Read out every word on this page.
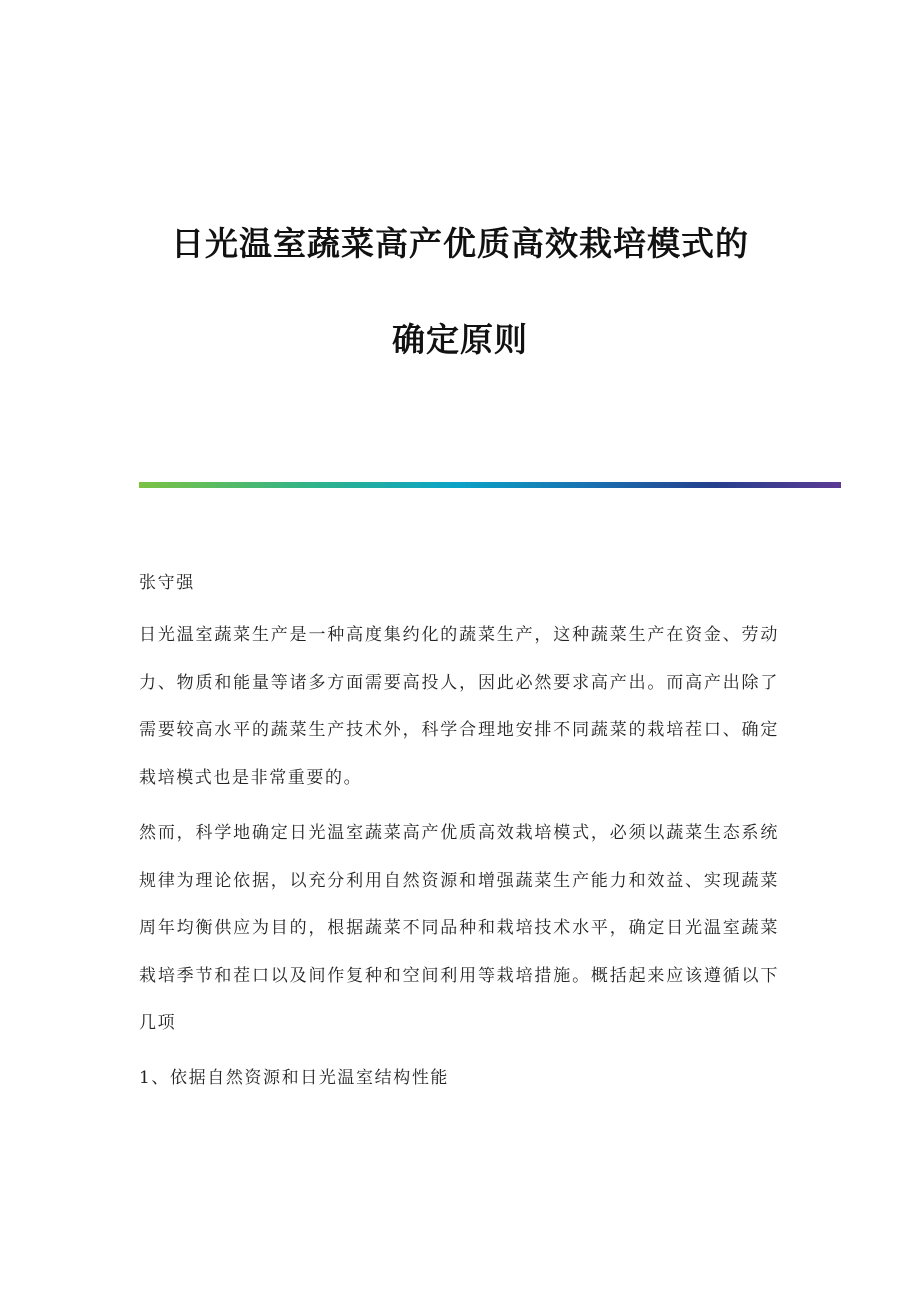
日光温室蔬菜高产优质高效栽培模式的
确定原则

张守强

日光温室蔬菜生产是一种高度集约化的蔬菜生产，这种蔬菜生产在资金、劳动力、物质和能量等诸多方面需要高投人，因此必然要求高产出。而高产出除了需要较高水平的蔬菜生产技术外，科学合理地安排不同蔬菜的栽培茬口、确定栽培模式也是非常重要的。

然而，科学地确定日光温室蔬菜高产优质高效栽培模式，必须以蔬菜生态系统规律为理论依据，以充分利用自然资源和增强蔬菜生产能力和效益、实现蔬菜周年均衡供应为目的，根据蔬菜不同品种和栽培技术水平，确定日光温室蔬菜栽培季节和茬口以及间作复种和空间利用等栽培措施。概括起来应该遵循以下几项

1、依据自然资源和日光温室结构性能
